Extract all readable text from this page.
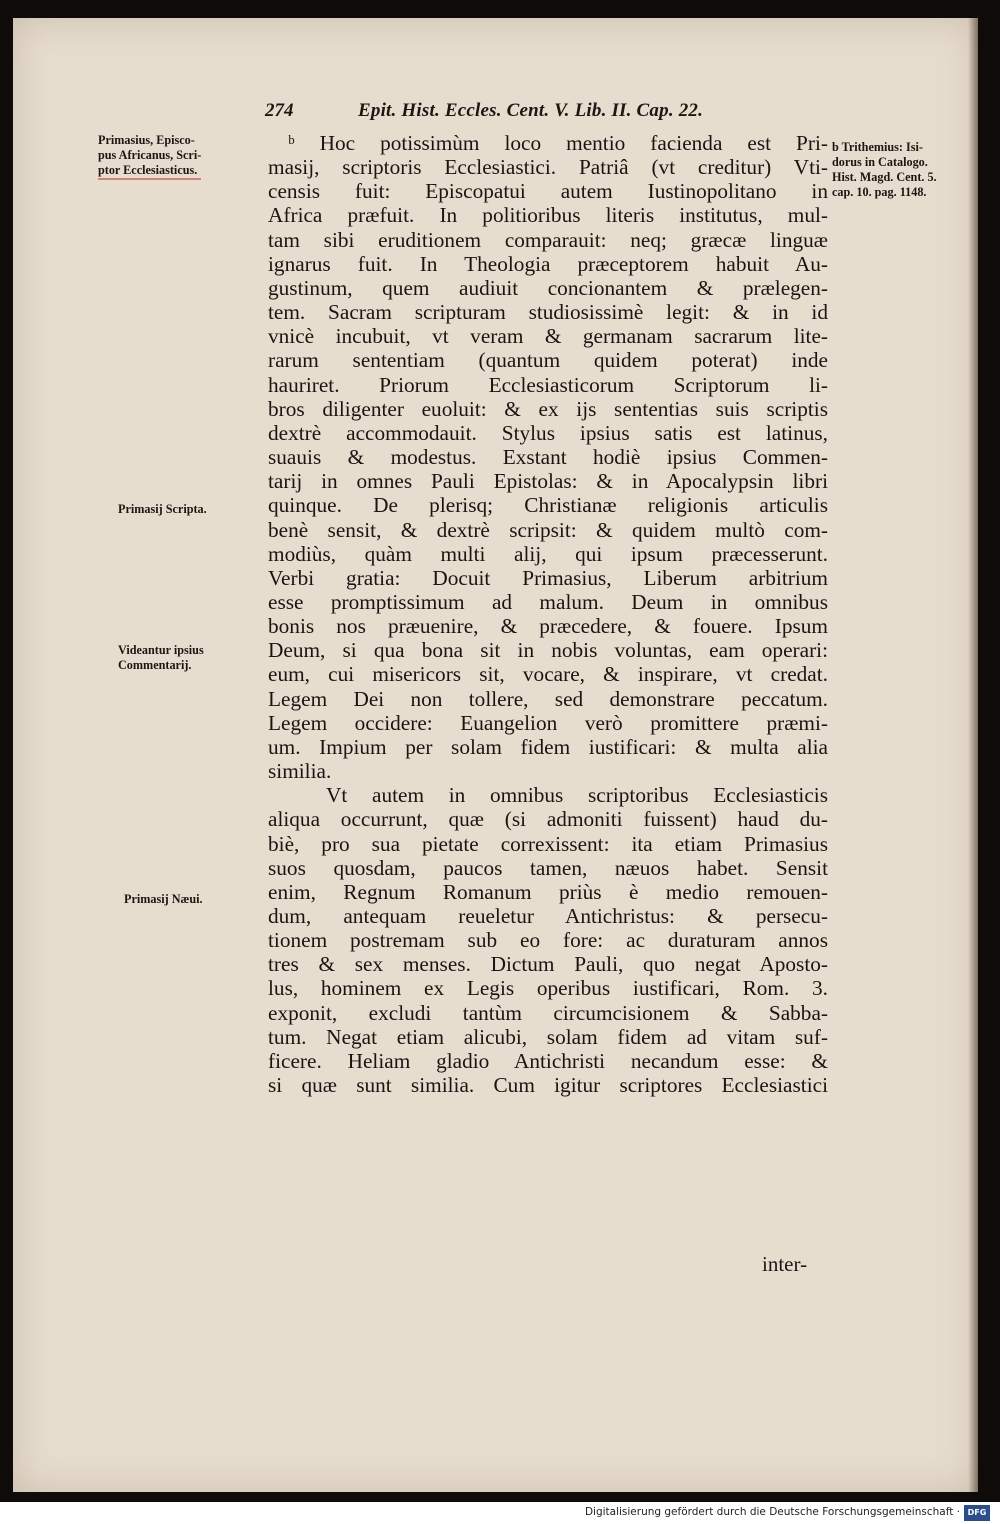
274	Epit. Hist. Eccles. Cent. V. Lib. II. Cap. 22.
ᵇ Hoc potissimùm loco mentio facienda est Pri-
masij, scriptoris Ecclesiastici. Patriâ (vt creditur) Vti-
censis fuit: Episcopatui autem Iustinopolitano in
Africa præfuit. In politioribus literis institutus, mul-
tam sibi eruditionem comparauit: neq; græcæ linguæ
ignarus fuit. In Theologia præceptorem habuit Au-
gustinum, quem audiuit concionantem & prælegen-
tem. Sacram scripturam studiosissimè legit: & in id
vnicè incubuit, vt veram & germanam sacrarum lite-
rarum sententiam (quantum quidem poterat) inde
hauriret. Priorum Ecclesiasticorum Scriptorum li-
bros diligenter euoluit: & ex ijs sententias suis scriptis
dextrè accommodauit. Stylus ipsius satis est latinus,
suauis & modestus. Exstant hodiè ipsius Commen-
tarij in omnes Pauli Epistolas: & in Apocalypsin libri
quinque. De plerisq; Christianæ religionis articulis
benè sensit, & dextrè scripsit: & quidem multò com-
modiùs, quàm multi alij, qui ipsum præcesserunt.
Verbi gratia: Docuit Primasius, Liberum arbitrium
esse promptissimum ad malum. Deum in omnibus
bonis nos præuenire, & præcedere, & fouere. Ipsum
Deum, si qua bona sit in nobis voluntas, eam operari:
eum, cui misericors sit, vocare, & inspirare, vt credat.
Legem Dei non tollere, sed demonstrare peccatum.
Legem occidere: Euangelion verò promittere præmi-
um. Impium per solam fidem iustificari: & multa alia
similia.
Vt autem in omnibus scriptoribus Ecclesiasticis
aliqua occurrunt, quæ (si admoniti fuissent) haud du-
biè, pro sua pietate correxissent: ita etiam Primasius
suos quosdam, paucos tamen, næuos habet. Sensit
enim, Regnum Romanum priùs è medio remouen-
dum, antequam reueletur Antichristus: & persecu-
tionem postremam sub eo fore: ac duraturam annos
tres & sex menses. Dictum Pauli, quo negat Aposto-
lus, hominem ex Legis operibus iustificari, Rom. 3.
exponit, excludi tantùm circumcisionem & Sabba-
tum. Negat etiam alicubi, solam fidem ad vitam suf-
ficere. Heliam gladio Antichristi necandum esse: &
si quæ sunt similia. Cum igitur scriptores Ecclesiastici
inter-
Primasius, Episco-
pus Africanus, Scri-
ptor Ecclesiasticus.
Primasij Scripta.
Videantur ipsius
Commentarij.
Primasij Næui.
b Trithemius: Isi-
dorus in Catalogo.
Hist. Magd. Cent. 5.
cap. 10. pag. 1148.
Digitalisierung gefördert durch die Deutsche Forschungsgemeinschaft · DFG
